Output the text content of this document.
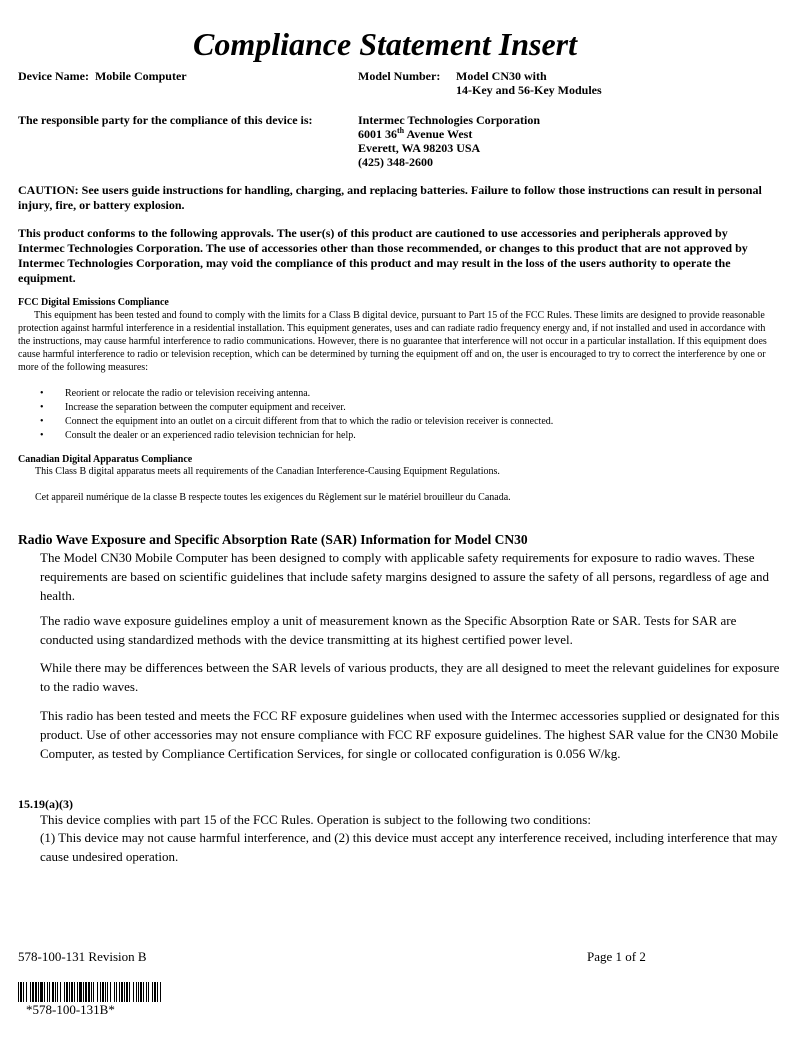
Compliance Statement Insert
Device Name: Mobile Computer	Model Number: Model CN30 with
14-Key and 56-Key Modules
The responsible party for the compliance of this device is:	Intermec Technologies Corporation
6001 36th Avenue West
Everett, WA 98203 USA
(425) 348-2600

CAUTION: See users guide instructions for handling, charging, and replacing batteries. Failure to follow those instructions can result in personal injury, fire, or battery explosion.

This product conforms to the following approvals. The user(s) of this product are cautioned to use accessories and peripherals approved by Intermec Technologies Corporation. The use of accessories other than those recommended, or changes to this product that are not approved by Intermec Technologies Corporation, may void the compliance of this product and may result in the loss of the users authority to operate the equipment.

FCC Digital Emissions Compliance

This equipment has been tested and found to comply with the limits for a Class B digital device, pursuant to Part 15 of the FCC Rules. These limits are designed to provide reasonable protection against harmful interference in a residential installation. This equipment generates, uses and can radiate radio frequency energy and, if not installed and used in accordance with the instructions, may cause harmful interference to radio communications. However, there is no guarantee that interference will not occur in a particular installation. If this equipment does cause harmful interference to radio or television reception, which can be determined by turning the equipment off and on, the user is encouraged to try to correct the interference by one or more of the following measures:

• Reorient or relocate the radio or television receiving antenna.
• Increase the separation between the computer equipment and receiver.
• Connect the equipment into an outlet on a circuit different from that to which the radio or television receiver is connected.
• Consult the dealer or an experienced radio television technician for help.
Canadian Digital Apparatus Compliance
This Class B digital apparatus meets all requirements of the Canadian Interference-Causing Equipment Regulations.
Cet appareil numérique de la classe B respecte toutes les exigences du Règlement sur le matériel brouilleur du Canada.
Radio Wave Exposure and Specific Absorption Rate (SAR) Information for Model CN30

The Model CN30 Mobile Computer has been designed to comply with applicable safety requirements for exposure to radio waves. These requirements are based on scientific guidelines that include safety margins designed to assure the safety of all persons, regardless of age and health.

The radio wave exposure guidelines employ a unit of measurement known as the Specific Absorption Rate or SAR. Tests for SAR are conducted using standardized methods with the device transmitting at its highest certified power level.

While there may be differences between the SAR levels of various products, they are all designed to meet the relevant guidelines for exposure to the radio waves.

This radio has been tested and meets the FCC RF exposure guidelines when used with the Intermec accessories supplied or designated for this product. Use of other accessories may not ensure compliance with FCC RF exposure guidelines. The highest SAR value for the CN30 Mobile Computer, as tested by Compliance Certification Services, for single or collocated configuration is 0.056 W/kg.

15.19(a)(3)

This device complies with part 15 of the FCC Rules. Operation is subject to the following two conditions:

(1) This device may not cause harmful interference, and (2) this device must accept any interference received, including interference that may cause undesired operation.

578-100-131 Revision B	Page 1 of 2
*578-100-131B*
